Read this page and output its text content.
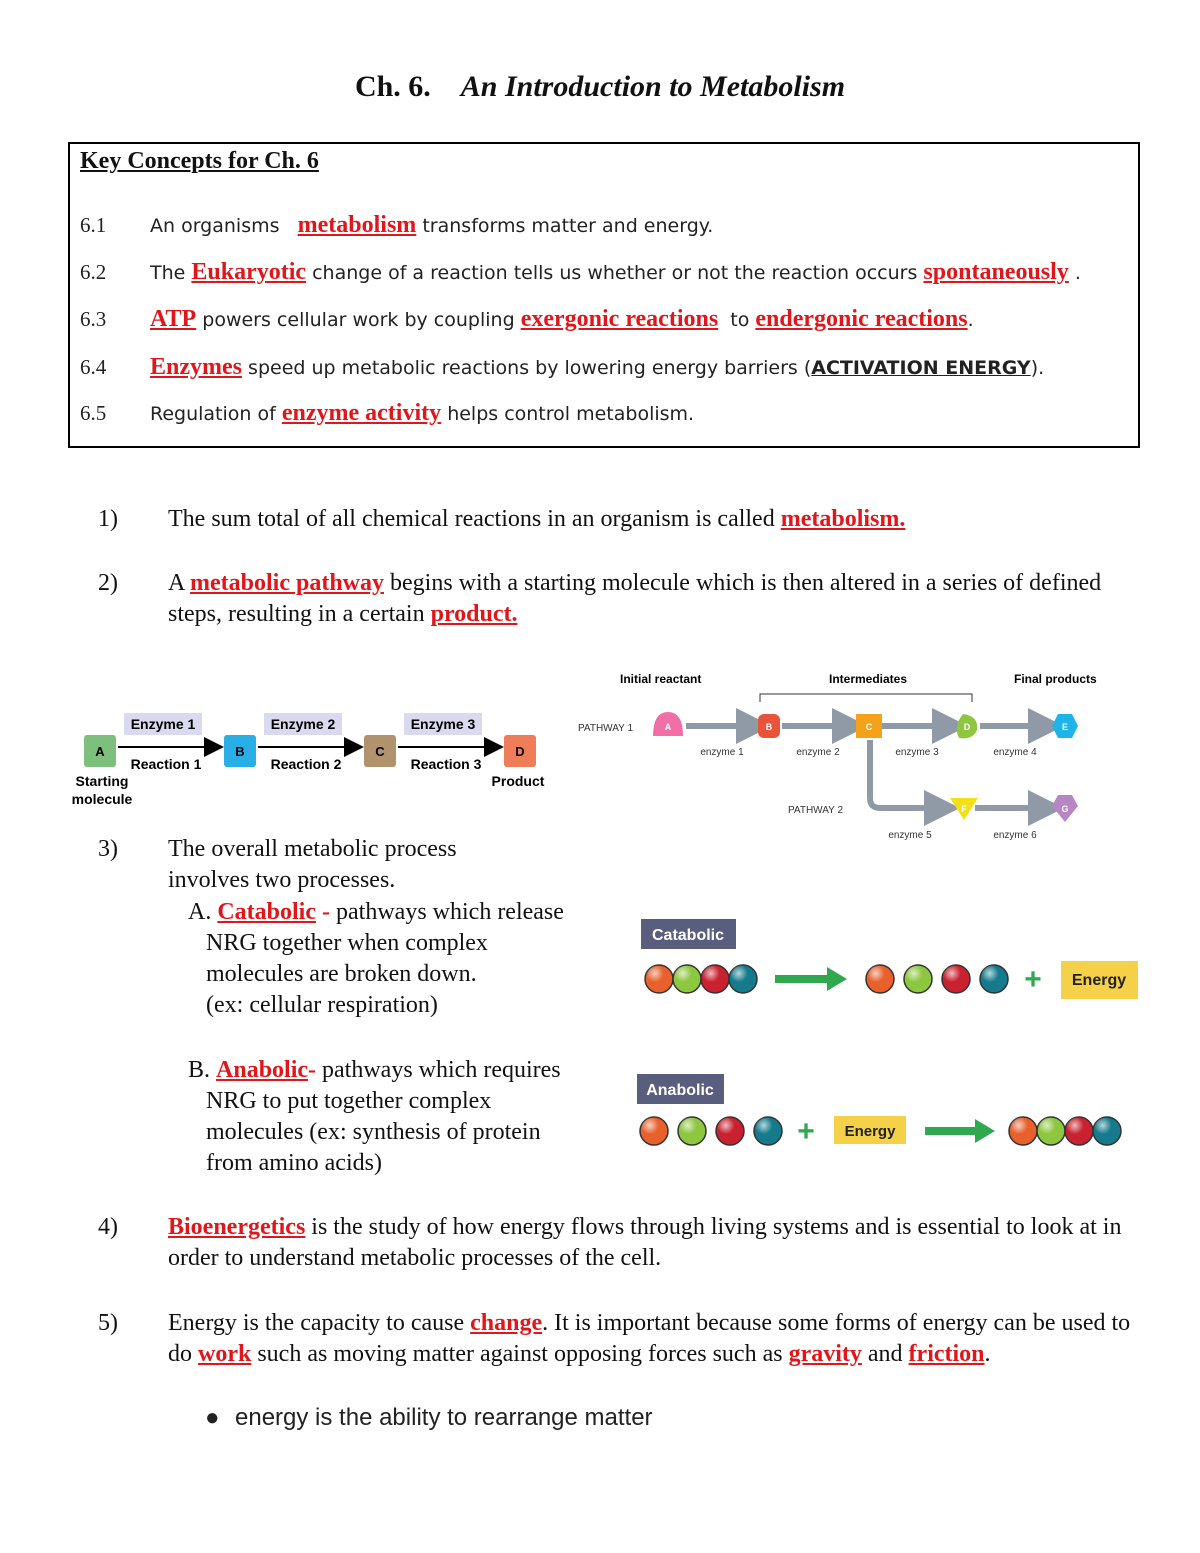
Ch. 6. An Introduction to Metabolism
Key Concepts for Ch. 6
6.1 An organisms metabolism transforms matter and energy.
6.2 The Eukaryotic change of a reaction tells us whether or not the reaction occurs spontaneously .
6.3 ATP powers cellular work by coupling exergonic reactions to endergonic reactions.
6.4 Enzymes speed up metabolic reactions by lowering energy barriers (ACTIVATION ENERGY).
6.5 Regulation of enzyme activity helps control metabolism.
1) The sum total of all chemical reactions in an organism is called metabolism.
2) A metabolic pathway begins with a starting molecule which is then altered in a series of defined steps, resulting in a certain product.
Enzyme 1	Enzyme 2	Enzyme 3
A	B	C	D
Reaction 1	Reaction 2	Reaction 3
Starting
molecule
Product
Initial reactant	Intermediates	Final products
PATHWAY 1
PATHWAY 2
A	B	C	D	E
F	G
enzyme 1	enzyme 2	enzyme 3	enzyme 4
enzyme 5	enzyme 6
3) The overall metabolic process
involves two processes.
A. Catabolic - pathways which release
NRG together when complex
molecules are broken down.
(ex: cellular respiration)
B. Anabolic- pathways which requires
NRG to put together complex
molecules (ex: synthesis of protein
from amino acids)
Catabolic
Energy
+
Anabolic
+ Energy
4) Bioenergetics is the study of how energy flows through living systems and is essential to look at in order to understand metabolic processes of the cell.
5) Energy is the capacity to cause change. It is important because some forms of energy can be used to do work such as moving matter against opposing forces such as gravity and friction.
● energy is the ability to rearrange matter
